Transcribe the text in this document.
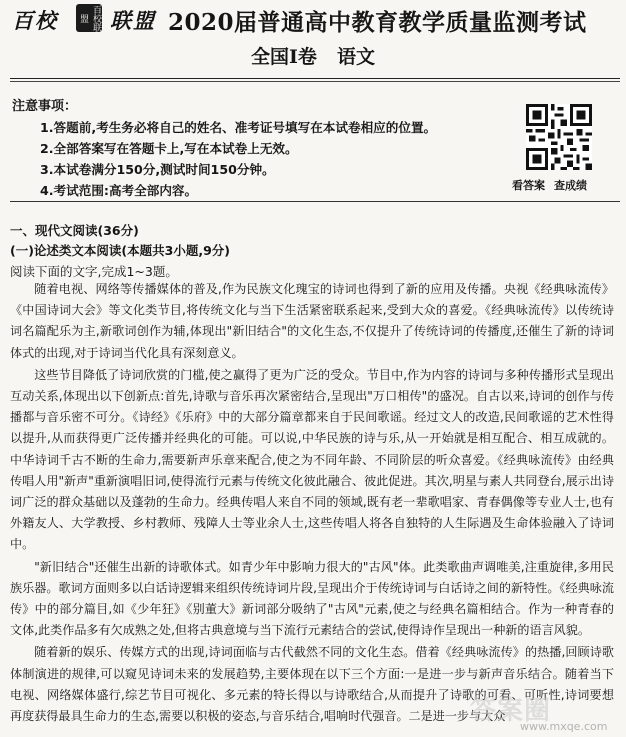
百校	百校联盟	联盟 2020届普通高中教育教学质量监测考试
全国Ⅰ卷 语文
注意事项：
1.答题前,考生务必将自己的姓名、准考证号填写在本试卷相应的位置。
2.全部答案写在答题卡上,写在本试卷上无效。
3.本试卷满分150分,测试时间150分钟。
4.考试范围:高考全部内容。	看答案 查成绩
一、现代文阅读(36分)
(一)论述类文本阅读(本题共3小题,9分)
阅读下面的文字,完成1~3题。

随着电视、网络等传播媒体的普及,作为民族文化瑰宝的诗词也得到了新的应用及传播。央视《经典咏流传》《中国诗词大会》等文化类节目,将传统文化与当下生活紧密联系起来,受到大众的喜爱。《经典咏流传》以传统诗词名篇配乐为主,新歌词创作为辅,体现出"新旧结合"的文化生态,不仅提升了传统诗词的传播度,还催生了新的诗词体式的出现,对于诗词当代化具有深刻意义。

这些节目降低了诗词欣赏的门槛,使之赢得了更为广泛的受众。节目中,作为内容的诗词与多种传播形式呈现出互动关系,体现出以下创新点:首先,诗歌与音乐再次紧密结合,呈现出"万口相传"的盛况。自古以来,诗词的创作与传播都与音乐密不可分。《诗经》《乐府》中的大部分篇章都来自于民间歌谣。经过文人的改造,民间歌谣的艺术性得以提升,从而获得更广泛传播并经典化的可能。可以说,中华民族的诗与乐,从一开始就是相互配合、相互成就的。中华诗词千古不断的生命力,需要新声乐章来配合,使之为不同年龄、不同阶层的听众喜爱。《经典咏流传》由经典传唱人用"新声"重新演唱旧词,使得流行元素与传统文化彼此融合、彼此促进。其次,明星与素人共同登台,展示出诗词广泛的群众基础以及蓬勃的生命力。经典传唱人来自不同的领域,既有老一辈歌唱家、青春偶像等专业人士,也有外籍友人、大学教授、乡村教师、残障人士等业余人士,这些传唱人将各自独特的人生际遇及生命体验融入了诗词中。

"新旧结合"还催生出新的诗歌体式。如青少年中影响力很大的"古风"体。此类歌曲声调唯美,注重旋律,多用民族乐器。歌词方面则多以白话诗逻辑来组织传统诗词片段,呈现出介于传统诗词与白话诗之间的新特性。《经典咏流传》中的部分篇目,如《少年狂》《别董大》新词部分吸纳了"古风"元素,使之与经典名篇相结合。作为一种青春的文体,此类作品多有欠成熟之处,但将古典意境与当下流行元素结合的尝试,使得诗作呈现出一种新的语言风貌。

随着新的娱乐、传媒方式的出现,诗词面临与古代截然不同的文化生态。借着《经典咏流传》的热播,回顾诗歌体制演进的规律,可以窥见诗词未来的发展趋势,主要体现在以下三个方面:一是进一步与新声音乐结合。随着当下电视、网络媒体盛行,综艺节目可视化、多元素的特长得以与诗歌结合,从而提升了诗歌的可看、可听性,诗词要想再度获得最具生命力的生态,需要以积极的姿态,与音乐结合,唱响时代强音。二是进一步与大众

答案圈
www.mxqe.com
